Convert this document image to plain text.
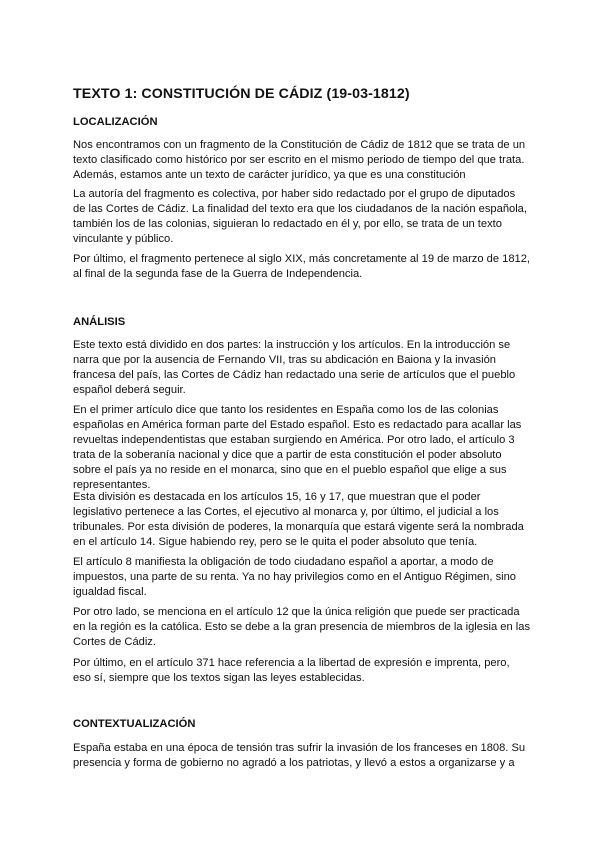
TEXTO 1: CONSTITUCIÓN DE CÁDIZ (19-03-1812)
LOCALIZACIÓN

Nos encontramos con un fragmento de la Constitución de Cádiz de 1812 que se trata de un
texto clasificado como histórico por ser escrito en el mismo periodo de tiempo del que trata.
Además, estamos ante un texto de carácter jurídico, ya que es una constitución

La autoría del fragmento es colectiva, por haber sido redactado por el grupo de diputados
de las Cortes de Cádiz. La finalidad del texto era que los ciudadanos de la nación española,
también los de las colonias, siguieran lo redactado en él y, por ello, se trata de un texto
vinculante y público.

Por último, el fragmento pertenece al siglo XIX, más concretamente al 19 de marzo de 1812,
al final de la segunda fase de la Guerra de Independencia.

ANÁLISIS

Este texto está dividido en dos partes: la instrucción y los artículos. En la introducción se
narra que por la ausencia de Fernando VII, tras su abdicación en Baiona y la invasión
francesa del país, las Cortes de Cádiz han redactado una serie de artículos que el pueblo
español deberá seguir.

En el primer artículo dice que tanto los residentes en España como los de las colonias
españolas en América forman parte del Estado español. Esto es redactado para acallar las
revueltas independentistas que estaban surgiendo en América. Por otro lado, el artículo 3
trata de la soberanía nacional y dice que a partir de esta constitución el poder absoluto
sobre el país ya no reside en el monarca, sino que en el pueblo español que elige a sus
representantes.

Esta división es destacada en los artículos 15, 16 y 17, que muestran que el poder
legislativo pertenece a las Cortes, el ejecutivo al monarca y, por último, el judicial a los
tribunales. Por esta división de poderes, la monarquía que estará vigente será la nombrada
en el artículo 14. Sigue habiendo rey, pero se le quita el poder absoluto que tenía.

El artículo 8 manifiesta la obligación de todo ciudadano español a aportar, a modo de
impuestos, una parte de su renta. Ya no hay privilegios como en el Antiguo Régimen, sino
igualdad fiscal.

Por otro lado, se menciona en el artículo 12 que la única religión que puede ser practicada
en la región es la católica. Esto se debe a la gran presencia de miembros de la iglesia en las
Cortes de Cádiz.

Por último, en el artículo 371 hace referencia a la libertad de expresión e imprenta, pero,
eso sí, siempre que los textos sigan las leyes establecidas.

CONTEXTUALIZACIÓN

España estaba en una época de tensión tras sufrir la invasión de los franceses en 1808. Su
presencia y forma de gobierno no agradó a los patriotas, y llevó a estos a organizarse y a
